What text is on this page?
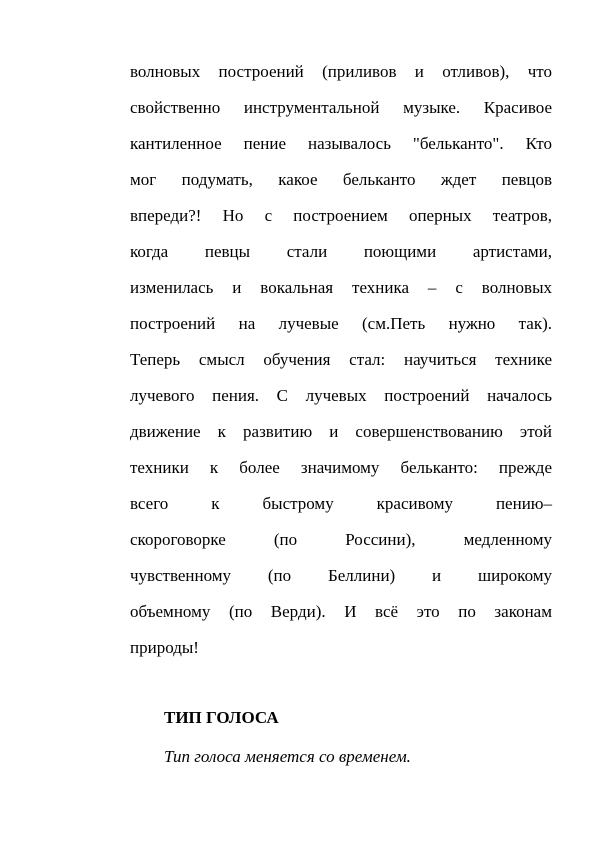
волновых построений (приливов и отливов), что
свойственно инструментальной музыке. Красивое
кантиленное пение называлось "бельканто". Кто
мог подумать, какое бельканто ждет певцов
впереди?! Но с построением оперных театров,
когда певцы стали поющими артистами,
изменилась и вокальная техника – с волновых
построений на лучевые (см.Петь нужно так).
Теперь смысл обучения стал: научиться технике
лучевого пения. С лучевых построений началось
движение к развитию и совершенствованию этой
техники к более значимому бельканто: прежде
всего к быстрому красивому пению–
скороговорке (по Россини), медленному
чувственному (по Беллини) и широкому
объемному (по Верди). И всё это по законам
природы!
ТИП ГОЛОСА
Тип голоса меняется со временем.
